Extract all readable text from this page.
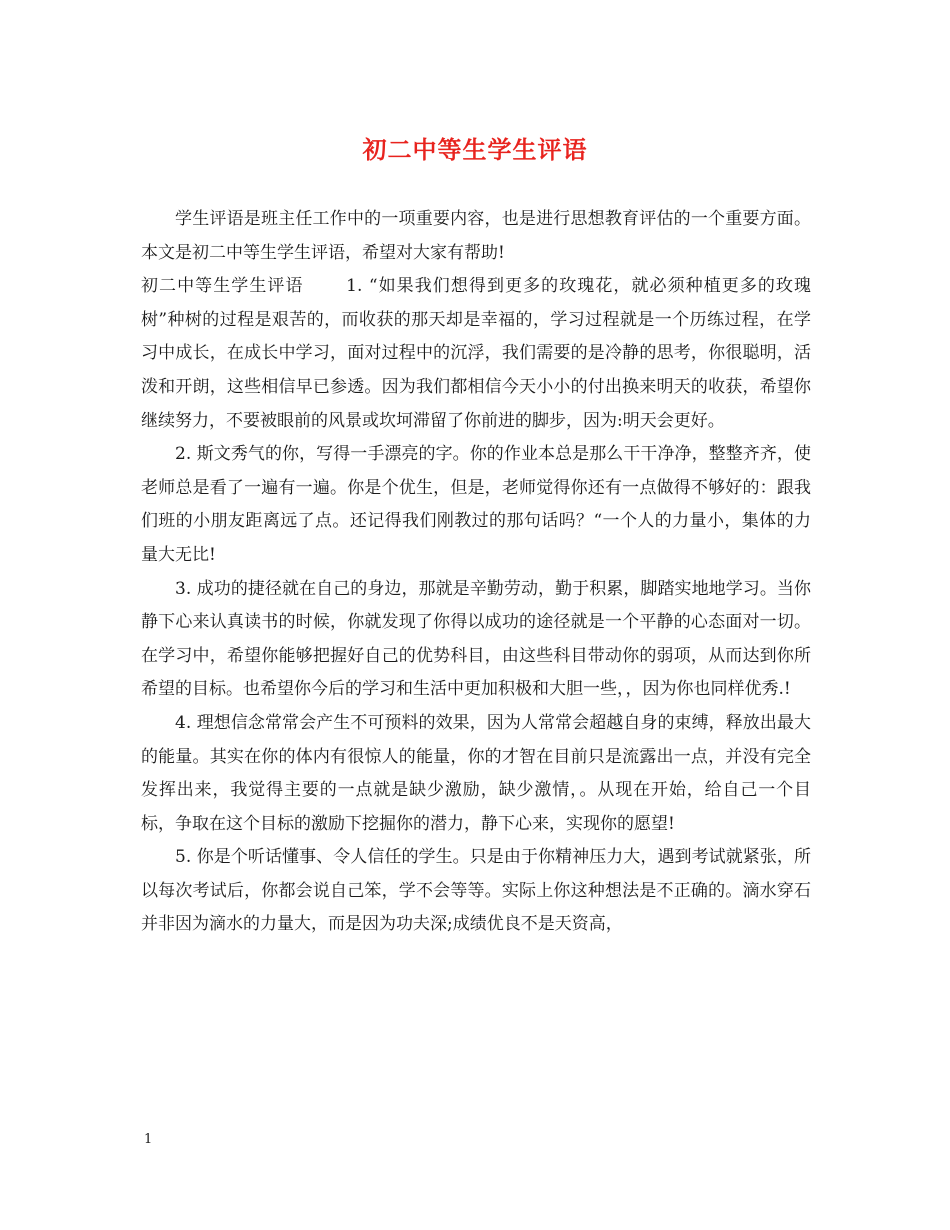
初二中等生学生评语

学生评语是班主任工作中的一项重要内容，也是进行思想教育评估的一个重要方面。本文是初二中等生学生评语，希望对大家有帮助!

初二中等生学生评语　　 1. “如果我们想得到更多的玫瑰花，就必须种植更多的玫瑰树”种树的过程是艰苦的，而收获的那天却是幸福的，学习过程就是一个历练过程，在学习中成长，在成长中学习，面对过程中的沉浮，我们需要的是冷静的思考，你很聪明，活泼和开朗，这些相信早已参透。因为我们都相信今天小小的付出换来明天的收获，希望你继续努力，不要被眼前的风景或坎坷滞留了你前进的脚步，因为:明天会更好。

2. 斯文秀气的你，写得一手漂亮的字。你的作业本总是那么干干净净，整整齐齐，使老师总是看了一遍有一遍。你是个优生，但是，老师觉得你还有一点做得不够好的：跟我们班的小朋友距离远了点。还记得我们刚教过的那句话吗？“一个人的力量小，集体的力量大无比!

3. 成功的捷径就在自己的身边，那就是辛勤劳动，勤于积累，脚踏实地地学习。当你静下心来认真读书的时候，你就发现了你得以成功的途径就是一个平静的心态面对一切。在学习中，希望你能够把握好自己的优势科目，由这些科目带动你的弱项，从而达到你所希望的目标。也希望你今后的学习和生活中更加积极和大胆一些，，因为你也同样优秀.!

4. 理想信念常常会产生不可预料的效果，因为人常常会超越自身的束缚，释放出最大的能量。其实在你的体内有很惊人的能量，你的才智在目前只是流露出一点，并没有完全发挥出来，我觉得主要的一点就是缺少激励，缺少激情，。从现在开始，给自己一个目标，争取在这个目标的激励下挖掘你的潜力，静下心来，实现你的愿望!

5. 你是个听话懂事、令人信任的学生。只是由于你精神压力大，遇到考试就紧张，所以每次考试后，你都会说自己笨，学不会等等。实际上你这种想法是不正确的。滴水穿石并非因为滴水的力量大，而是因为功夫深;成绩优良不是天资高，

1
